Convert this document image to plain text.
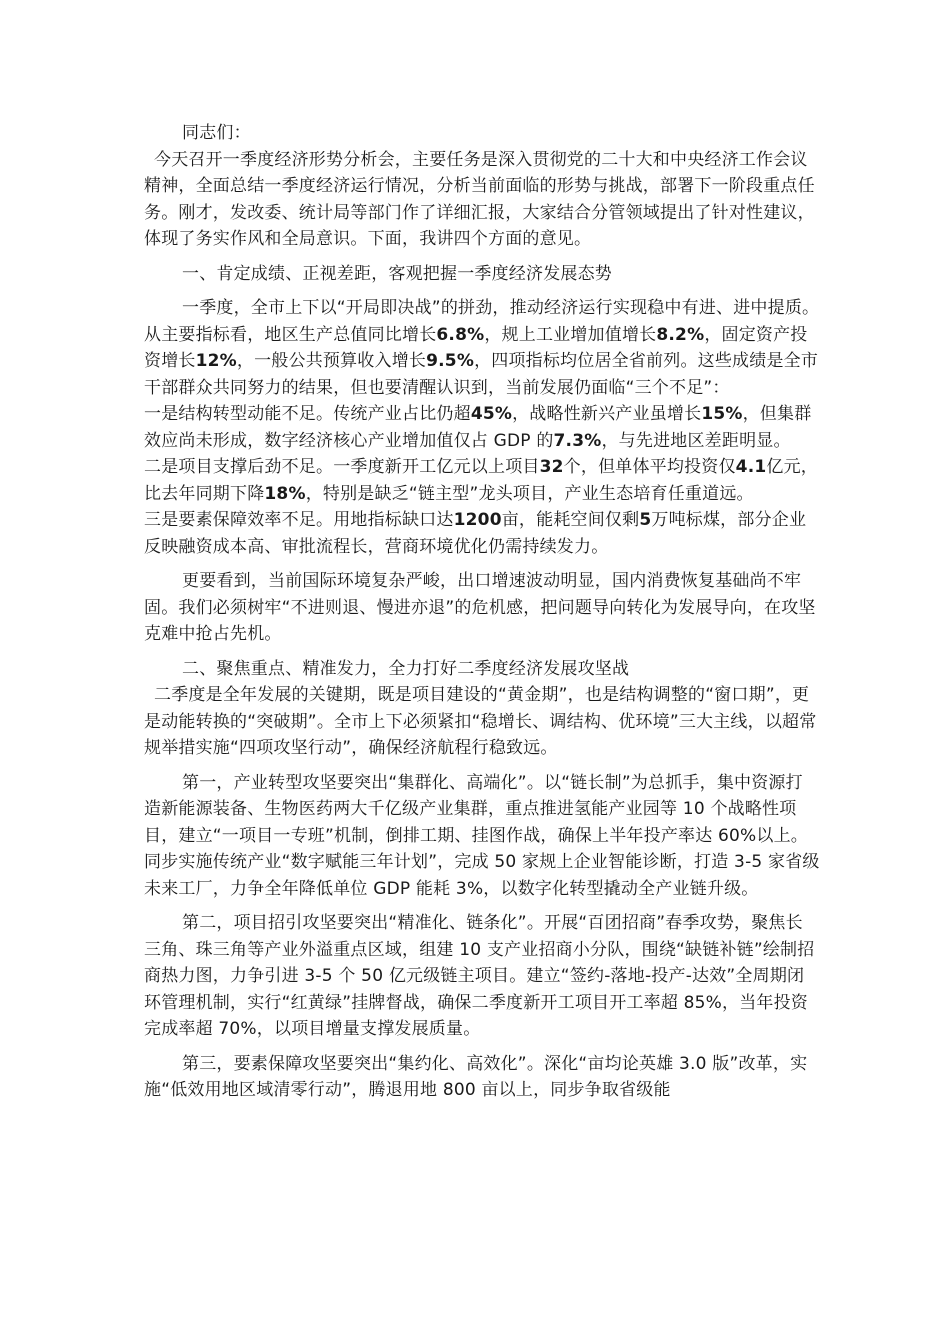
同志们：

今天召开一季度经济形势分析会，主要任务是深入贯彻党的二十大和中央经济工作会议精神，全面总结一季度经济运行情况，分析当前面临的形势与挑战，部署下一阶段重点任务。刚才，发改委、统计局等部门作了详细汇报，大家结合分管领域提出了针对性建议，体现了务实作风和全局意识。下面，我讲四个方面的意见。

一、肯定成绩、正视差距，客观把握一季度经济发展态势

一季度，全市上下以“开局即决战”的拼劲，推动经济运行实现稳中有进、进中提质。从主要指标看，地区生产总值同比增长6.8%，规上工业增加值增长8.2%，固定资产投资增长12%，一般公共预算收入增长9.5%，四项指标均位居全省前列。这些成绩是全市干部群众共同努力的结果，但也要清醒认识到，当前发展仍面临“三个不足”：

一是结构转型动能不足。传统产业占比仍超45%，战略性新兴产业虽增长15%，但集群效应尚未形成，数字经济核心产业增加值仅占 GDP 的7.3%，与先进地区差距明显。

二是项目支撑后劲不足。一季度新开工亿元以上项目32个，但单体平均投资仅4.1亿元，比去年同期下降18%，特别是缺乏“链主型”龙头项目，产业生态培育任重道远。

三是要素保障效率不足。用地指标缺口达1200亩，能耗空间仅剩5万吨标煤，部分企业反映融资成本高、审批流程长，营商环境优化仍需持续发力。

更要看到，当前国际环境复杂严峻，出口增速波动明显，国内消费恢复基础尚不牢固。我们必须树牢“不进则退、慢进亦退”的危机感，把问题导向转化为发展导向，在攻坚克难中抢占先机。

二、聚焦重点、精准发力，全力打好二季度经济发展攻坚战

二季度是全年发展的关键期，既是项目建设的“黄金期”，也是结构调整的“窗口期”，更是动能转换的“突破期”。全市上下必须紧扣“稳增长、调结构、优环境”三大主线，以超常规举措实施“四项攻坚行动”，确保经济航程行稳致远。

第一，产业转型攻坚要突出“集群化、高端化”。以“链长制”为总抓手，集中资源打造新能源装备、生物医药两大千亿级产业集群，重点推进氢能产业园等 10 个战略性项目，建立“一项目一专班”机制，倒排工期、挂图作战，确保上半年投产率达 60%以上。同步实施传统产业“数字赋能三年计划”，完成 50 家规上企业智能诊断，打造 3-5 家省级未来工厂，力争全年降低单位 GDP 能耗 3%，以数字化转型撬动全产业链升级。

第二，项目招引攻坚要突出“精准化、链条化”。开展“百团招商”春季攻势，聚焦长三角、珠三角等产业外溢重点区域，组建 10 支产业招商小分队，围绕“缺链补链”绘制招商热力图，力争引进 3-5 个 50 亿元级链主项目。建立“签约-落地-投产-达效”全周期闭环管理机制，实行“红黄绿”挂牌督战，确保二季度新开工项目开工率超 85%，当年投资完成率超 70%，以项目增量支撑发展质量。

第三，要素保障攻坚要突出“集约化、高效化”。深化“亩均论英雄 3.0 版”改革，实施“低效用地区域清零行动”，腾退用地 800 亩以上，同步争取省级能
